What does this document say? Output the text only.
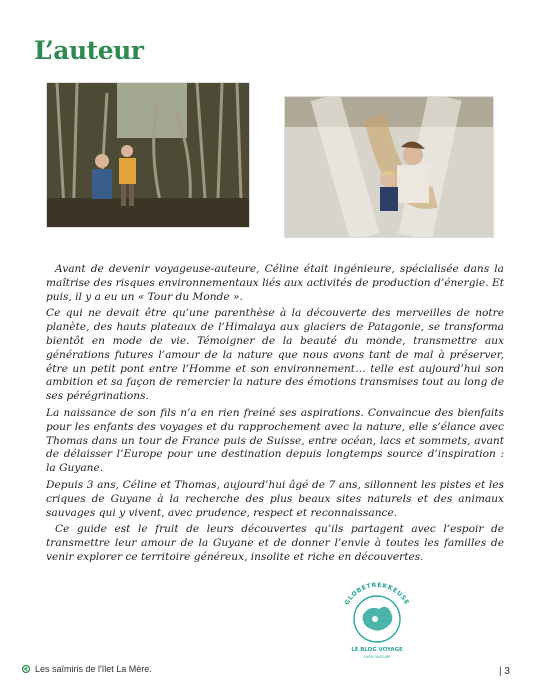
L’auteur

Avant de devenir voyageuse-auteure, Céline était ingénieure, spécialisée dans la maîtrise des risques environnementaux liés aux activités de production d’énergie. Et puis, il y a eu un « Tour du Monde ».

Ce qui ne devait être qu’une parenthèse à la découverte des merveilles de notre planète, des hauts plateaux de l’Himalaya aux glaciers de Patagonie, se transforma bientôt en mode de vie. Témoigner de la beauté du monde, transmettre aux générations futures l’amour de la nature que nous avons tant de mal à préserver, être un petit pont entre l’Homme et son environnement… telle est aujourd’hui son ambition et sa façon de remercier la nature des émotions transmises tout au long de ses pérégrinations.

La naissance de son fils n’a en rien freiné ses aspirations. Convaincue des bienfaits pour les enfants des voyages et du rapprochement avec la nature, elle s’élance avec Thomas dans un tour de France puis de Suisse, entre océan, lacs et sommets, avant de délaisser l’Europe pour une destination depuis longtemps source d’inspiration : la Guyane.

Depuis 3 ans, Céline et Thomas, aujourd’hui âgé de 7 ans, sillonnent les pistes et les criques de Guyane à la recherche des plus beaux sites naturels et des animaux sauvages qui y vivent, avec prudence, respect et reconnaissance.

Ce guide est le fruit de leurs découvertes qu’ils partagent avec l’espoir de transmettre leur amour de la Guyane et de donner l’envie à toutes les familles de venir explorer ce territoire généreux, insolite et riche en découvertes.

GLOBETREKKEUSE
LE BLOG VOYAGE
100% NATURE
Les saïmiris de l'îlet La Mère.	| 3
